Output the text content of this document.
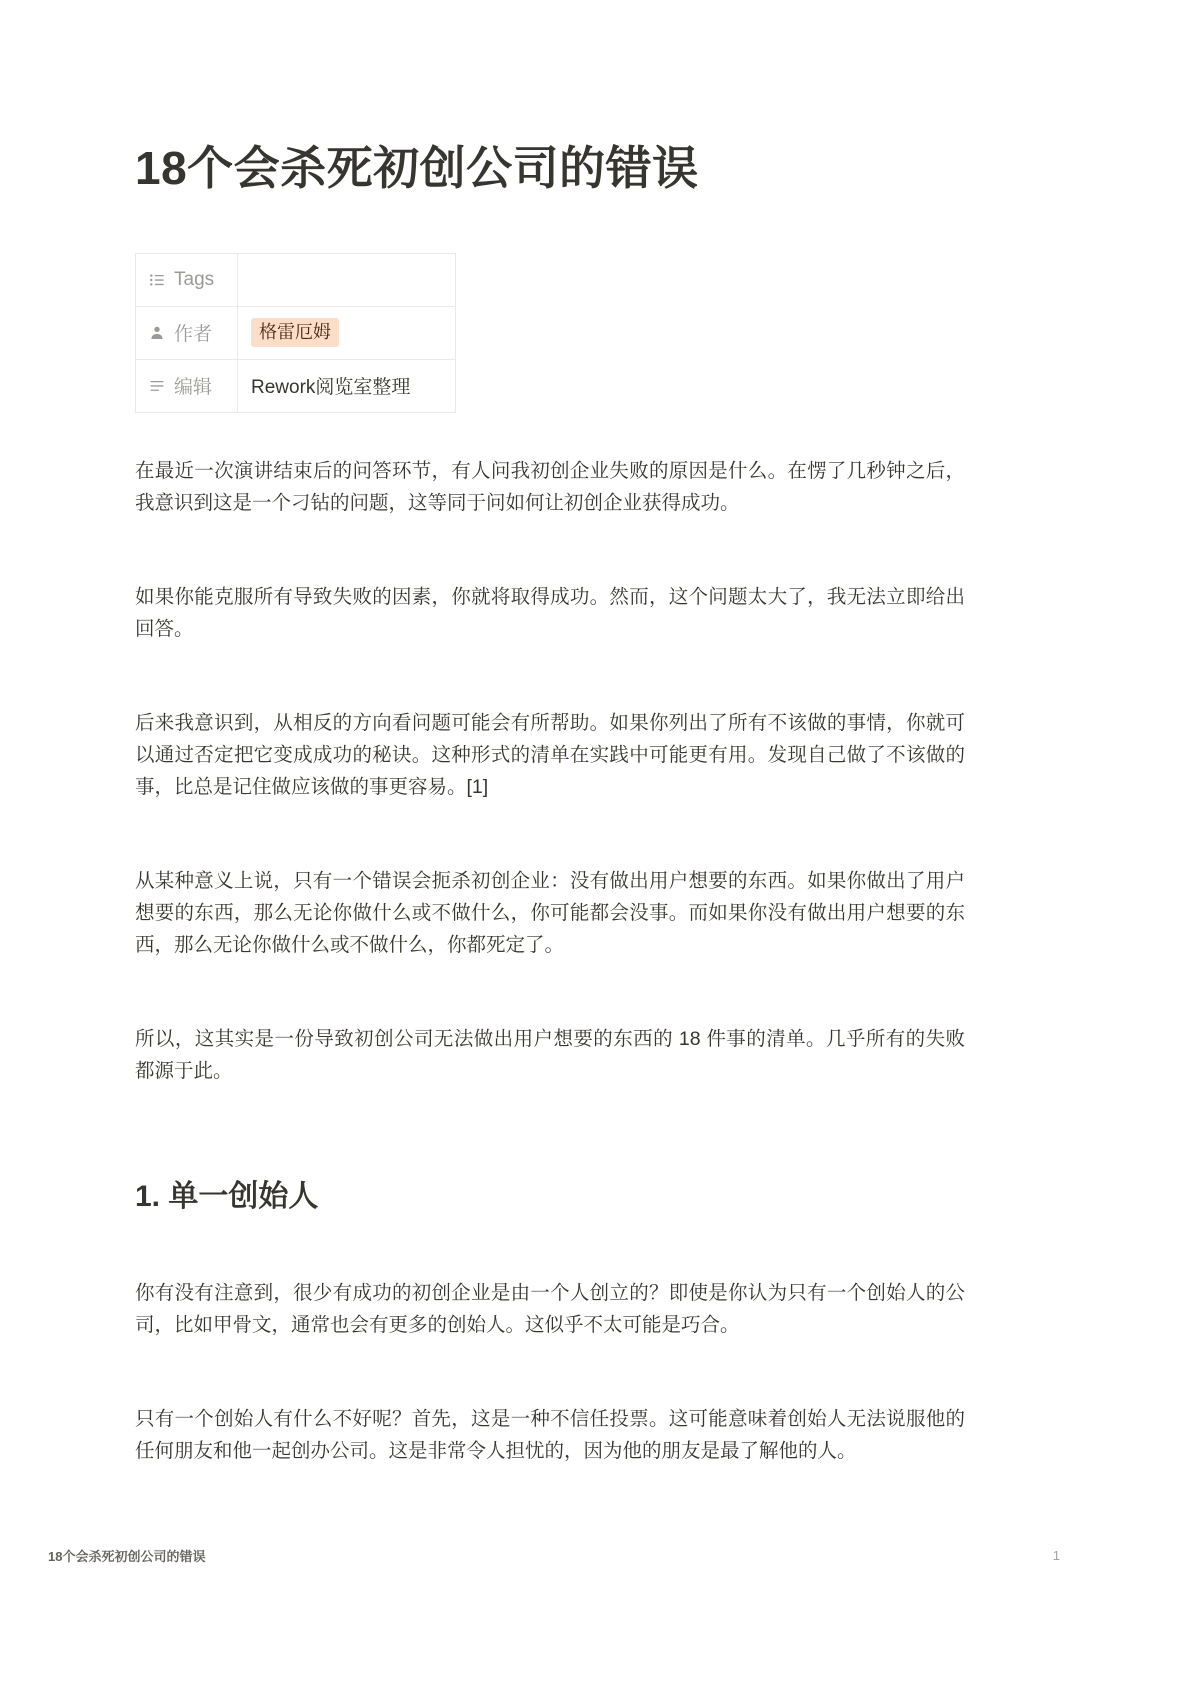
18个会杀死初创公司的错误
Tags
作者	格雷厄姆
编辑	Rework阅览室整理

在最近一次演讲结束后的问答环节，有人问我初创企业失败的原因是什么。在愣了几秒钟之后，我意识到这是一个刁钻的问题，这等同于问如何让初创企业获得成功。

如果你能克服所有导致失败的因素，你就将取得成功。然而，这个问题太大了，我无法立即给出回答。

后来我意识到，从相反的方向看问题可能会有所帮助。如果你列出了所有不该做的事情，你就可以通过否定把它变成成功的秘诀。这种形式的清单在实践中可能更有用。发现自己做了不该做的事，比总是记住做应该做的事更容易。[1]

从某种意义上说，只有一个错误会扼杀初创企业：没有做出用户想要的东西。如果你做出了用户想要的东西，那么无论你做什么或不做什么，你可能都会没事。而如果你没有做出用户想要的东西，那么无论你做什么或不做什么，你都死定了。

所以，这其实是一份导致初创公司无法做出用户想要的东西的 18 件事的清单。几乎所有的失败都源于此。

1. 单一创始人

你有没有注意到，很少有成功的初创企业是由一个人创立的？即使是你认为只有一个创始人的公司，比如甲骨文，通常也会有更多的创始人。这似乎不太可能是巧合。

只有一个创始人有什么不好呢？首先，这是一种不信任投票。这可能意味着创始人无法说服他的任何朋友和他一起创办公司。这是非常令人担忧的，因为他的朋友是最了解他的人。

18个会杀死初创公司的错误	1
